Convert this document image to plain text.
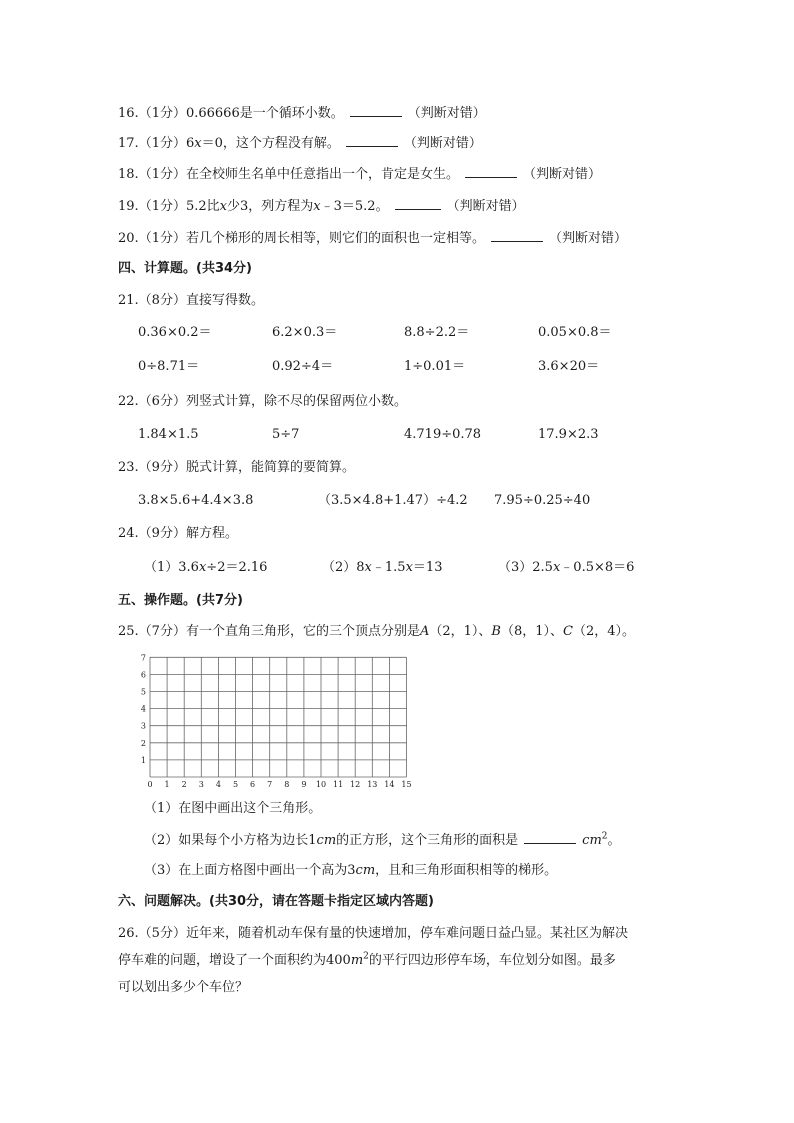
16.（1分）0.66666是一个循环小数。	（判断对错）
17.（1分）6x＝0，这个方程没有解。	（判断对错）
18.（1分）在全校师生名单中任意指出一个，肯定是女生。	（判断对错）
19.（1分）5.2比x少3，列方程为x﹣3＝5.2。	（判断对错）
20.（1分）若几个梯形的周长相等，则它们的面积也一定相等。	（判断对错）
四、计算题。(共34分)
21.（8分）直接写得数。
0.36×0.2＝	6.2×0.3＝	8.8÷2.2＝	0.05×0.8＝
0÷8.71＝	0.92÷4＝	1÷0.01＝	3.6×20＝
22.（6分）列竖式计算，除不尽的保留两位小数。
1.84×1.5	5÷7	4.719÷0.78	17.9×2.3
23.（9分）脱式计算，能简算的要简算。
3.8×5.6+4.4×3.8	（3.5×4.8+1.47）÷4.2 7.95÷0.25÷40
24.（9分）解方程。
（1）3.6x÷2＝2.16	（2）8x﹣1.5x＝13	（3）2.5x﹣0.5×8＝6
五、操作题。(共7分)
25.（7分）有一个直角三角形，它的三个顶点分别是A（2，1）、B（8，1）、C（2，4）。
0 1 2 3 4 5 6 7 8 9 10 11 12 13 14 15
1
2
3
4
5
6
7
（1）在图中画出这个三角形。
（2）如果每个小方格为边长1cm的正方形，这个三角形的面积是	$cm^2$。
（3）在上面方格图中画出一个高为3cm，且和三角形面积相等的梯形。
六、问题解决。(共30分，请在答题卡指定区域内答题)
26.（5分）近年来，随着机动车保有量的快速增加，停车难问题日益凸显。某社区为解决
停车难的问题，增设了一个面积约为$400m^2$的平行四边形停车场，车位划分如图。最多
可以划出多少个车位？
